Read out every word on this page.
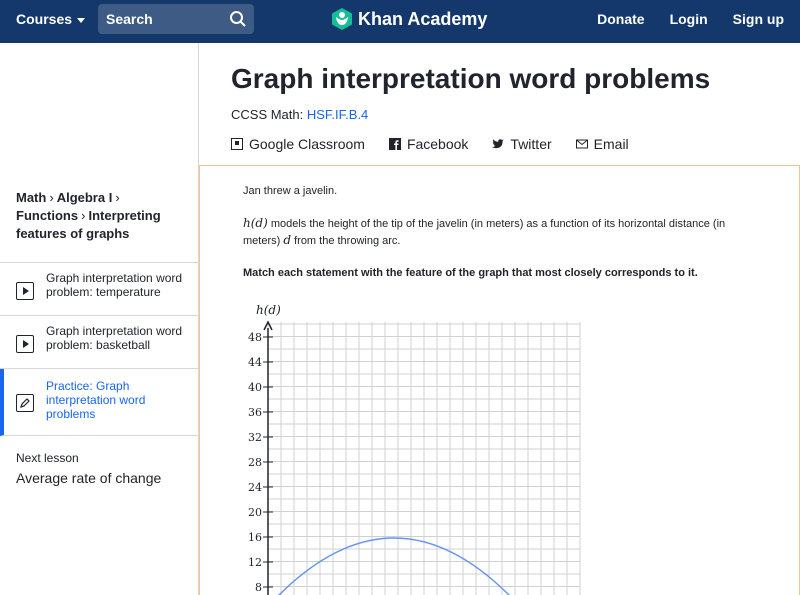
Courses
Search	Khan Academy	Donate Login Sign up
Math › Algebra I ›
Functions › Interpreting features of graphs
Graph interpretation word problem: temperature
Graph interpretation word problem: basketball
Practice: Graph interpretation word problems
Next lesson
Average rate of change
Graph interpretation word problems
CCSS Math: HSF.IF.B.4
Google Classroom	Facebook	Twitter	Email
Jan threw a javelin.
h(d) models the height of the tip of the javelin (in meters) as a function of its horizontal distance (in meters) d from the throwing arc.
Match each statement with the feature of the graph that most closely corresponds to it.
h(d)
48
44
40
36
32
28
24
20
16
12
8
